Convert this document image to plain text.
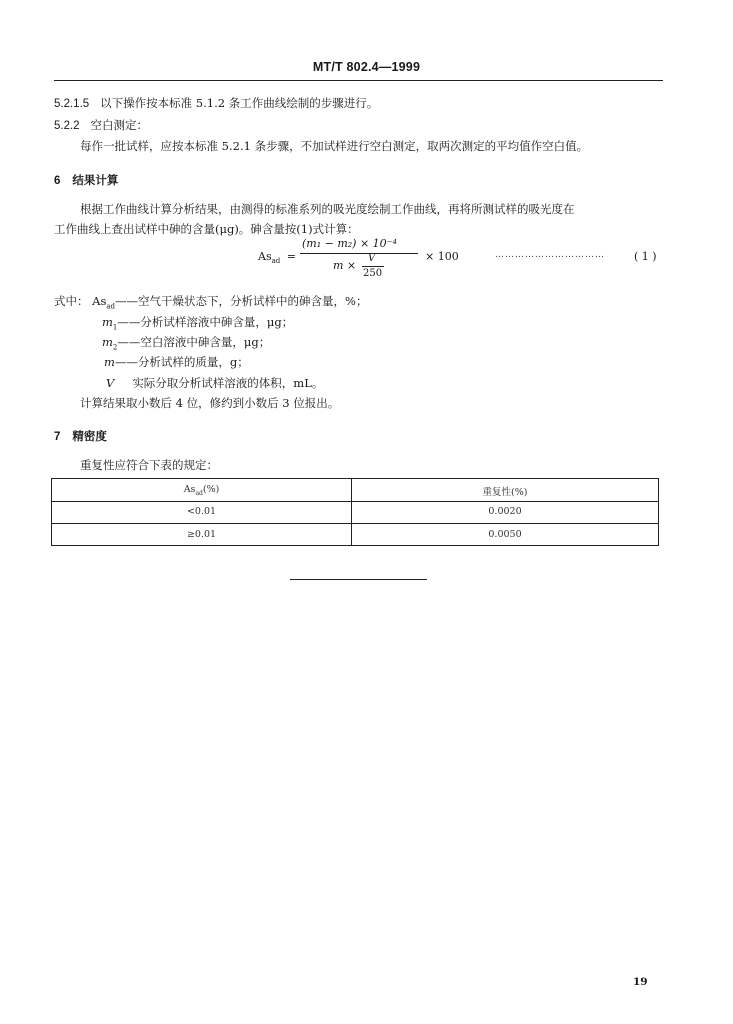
MT/T 802.4—1999
5.2.1.5 以下操作按本标准 5.1.2 条工作曲线绘制的步骤进行。
5.2.2 空白测定：
每作一批试样，应按本标准 5.2.1 条步骤，不加试样进行空白测定，取两次测定的平均值作空白值。
6 结果计算
根据工作曲线计算分析结果，由测得的标准系列的吸光度绘制工作曲线，再将所测试样的吸光度在
工作曲线上查出试样中砷的含量(μg)。砷含量按(1)式计算：
$As_{ad}$ =
(m₁ − m₂) × 10⁻⁴
m ×
V
250
× 100	……………………………	( 1 )
式中： $As_{ad}——$空气干燥状态下，分析试样中的砷含量，%；
$m_1——$分析试样溶液中砷含量，μg；
$m_2——$空白溶液中砷含量，μg；
m——分析试样的质量，g；
V 实际分取分析试样溶液的体积，mL。
计算结果取小数后 4 位，修约到小数后 3 位报出。
7 精密度
重复性应符合下表的规定：
$As_{ad}(\%)$	重复性(%)
<0.01	0.0020
≥0.01	0.0050
19
